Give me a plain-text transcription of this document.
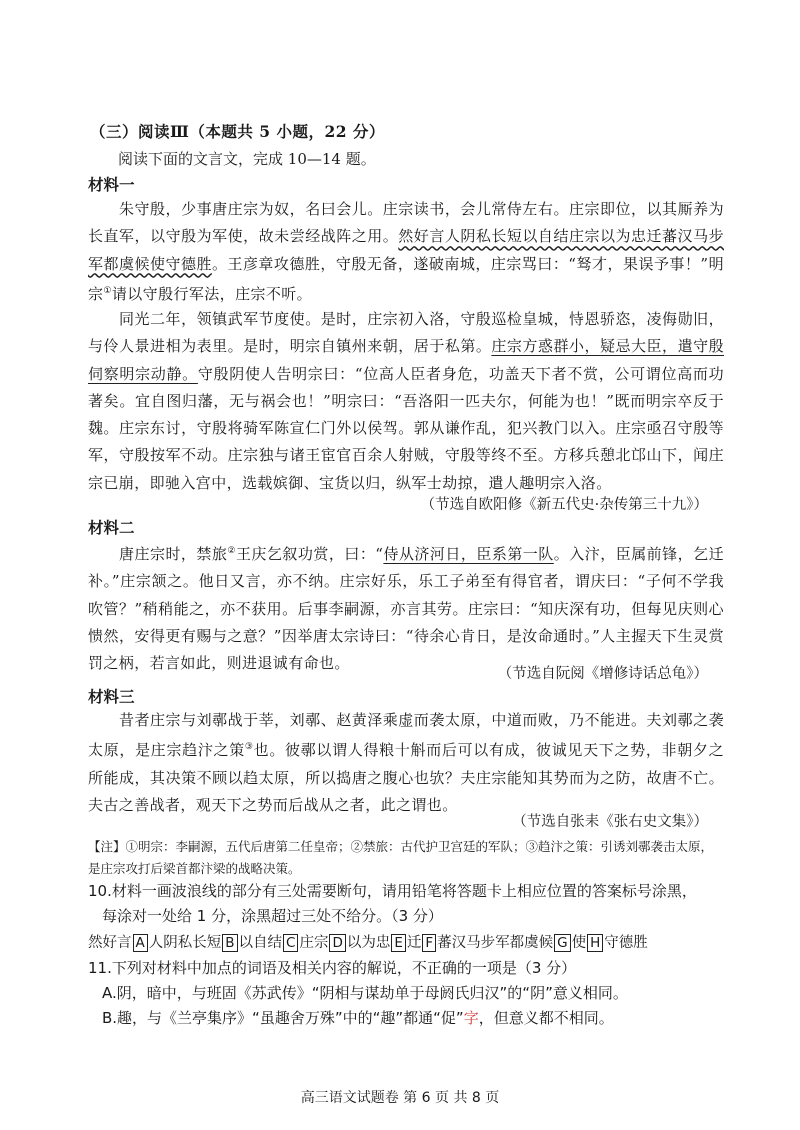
（三）阅读Ⅲ（本题共 5 小题，22 分）
阅读下面的文言文，完成 10—14 题。
材料一
朱守殷，少事唐庄宗为奴，名曰会儿。庄宗读书，会儿常侍左右。庄宗即位，以其厮养为长直军，以守殷为军使，故未尝经战阵之用。然好言人阴私长短以自结庄宗以为忠迁蕃汉马步军都虞候使守德胜。王彦章攻德胜，守殷无备，遂破南城，庄宗骂曰：“驽才，果误予事！”明宗①请以守殷行军法，庄宗不听。
同光二年，领镇武军节度使。是时，庄宗初入洛，守殷巡检皇城，恃恩骄恣，凌侮勋旧，与伶人景进相为表里。是时，明宗自镇州来朝，居于私第。庄宗方惑群小，疑忌大臣，遣守殷伺察明宗动静。守殷阴使人告明宗曰：“位高人臣者身危，功盖天下者不赏，公可谓位高而功著矣。宜自图归藩，无与祸会也！”明宗曰：“吾洛阳一匹夫尔，何能为也！”既而明宗卒反于魏。 庄宗东讨，守殷将骑军陈宣仁门外以侯驾。郭从谦作乱，犯兴教门以入。庄宗亟召守殷等军，守殷按军不动。庄宗独与诸王宦官百余人射贼，守殷等终不至。方移兵憩北邙山下，闻庄宗已崩，即驰入宫中，选载嫔御、宝货以归，纵军士劫掠，遣人趣明宗入洛。
（节选自欧阳修《新五代史·杂传第三十九》）
材料二
唐庄宗时，禁旅②王庆乞叙功赏，曰：“侍从济河日，臣系第一队。入汴，臣属前锋，乞迁补。”庄宗颔之。他日又言，亦不纳。庄宗好乐，乐工子弟至有得官者，谓庆曰：“子何不学我吹管？”稍稍能之，亦不获用。后事李嗣源，亦言其劳。庄宗曰：“知庆深有功，但每见庆则心愦然，安得更有赐与之意？”因举唐太宗诗曰：“待余心肯日，是汝命通时。”人主握天下生灵赏罚之柄，若言如此，则进退诚有命也。
（节选自阮阅《增修诗话总龟》）
材料三
昔者庄宗与刘鄩战于莘，刘鄩、赵黄泽乘虚而袭太原，中道而败，乃不能进。夫刘鄩之袭太原，是庄宗趋汴之策③也。彼鄩以谓人得粮十斛而后可以有成，彼诚见天下之势，非朝夕之所能成，其决策不顾以趋太原，所以捣唐之腹心也欤？夫庄宗能知其势而为之防，故唐不亡。夫古之善战者，观天下之势而后战从之者，此之谓也。
（节选自张耒《张右史文集》）
【注】①明宗：李嗣源，五代后唐第二任皇帝；②禁旅：古代护卫宫廷的军队；③趋汴之策：引诱刘鄩袭击太原，是庄宗攻打后梁首都汴梁的战略决策。
10.材料一画波浪线的部分有三处需要断句，请用铅笔将答题卡上相应位置的答案标号涂黑，
每涂对一处给 1 分，涂黑超过三处不给分。（3 分）
然好言 A 人阴私长短 B 以自结 C 庄宗 D 以为忠 E 迁 F 蕃汉马步军都虞候 G 使 H 守德胜
11.下列对材料中加点的词语及相关内容的解说，不正确的一项是（3 分）
A.阴，暗中，与班固《苏武传》“阴相与谋劫单于母阏氏归汉”的“阴”意义相同。
B.趣，与《兰亭集序》“虽趣舍万殊”中的“趣”都通“促”字，但意义都不相同。
高三语文试题卷 第 6 页 共 8 页
